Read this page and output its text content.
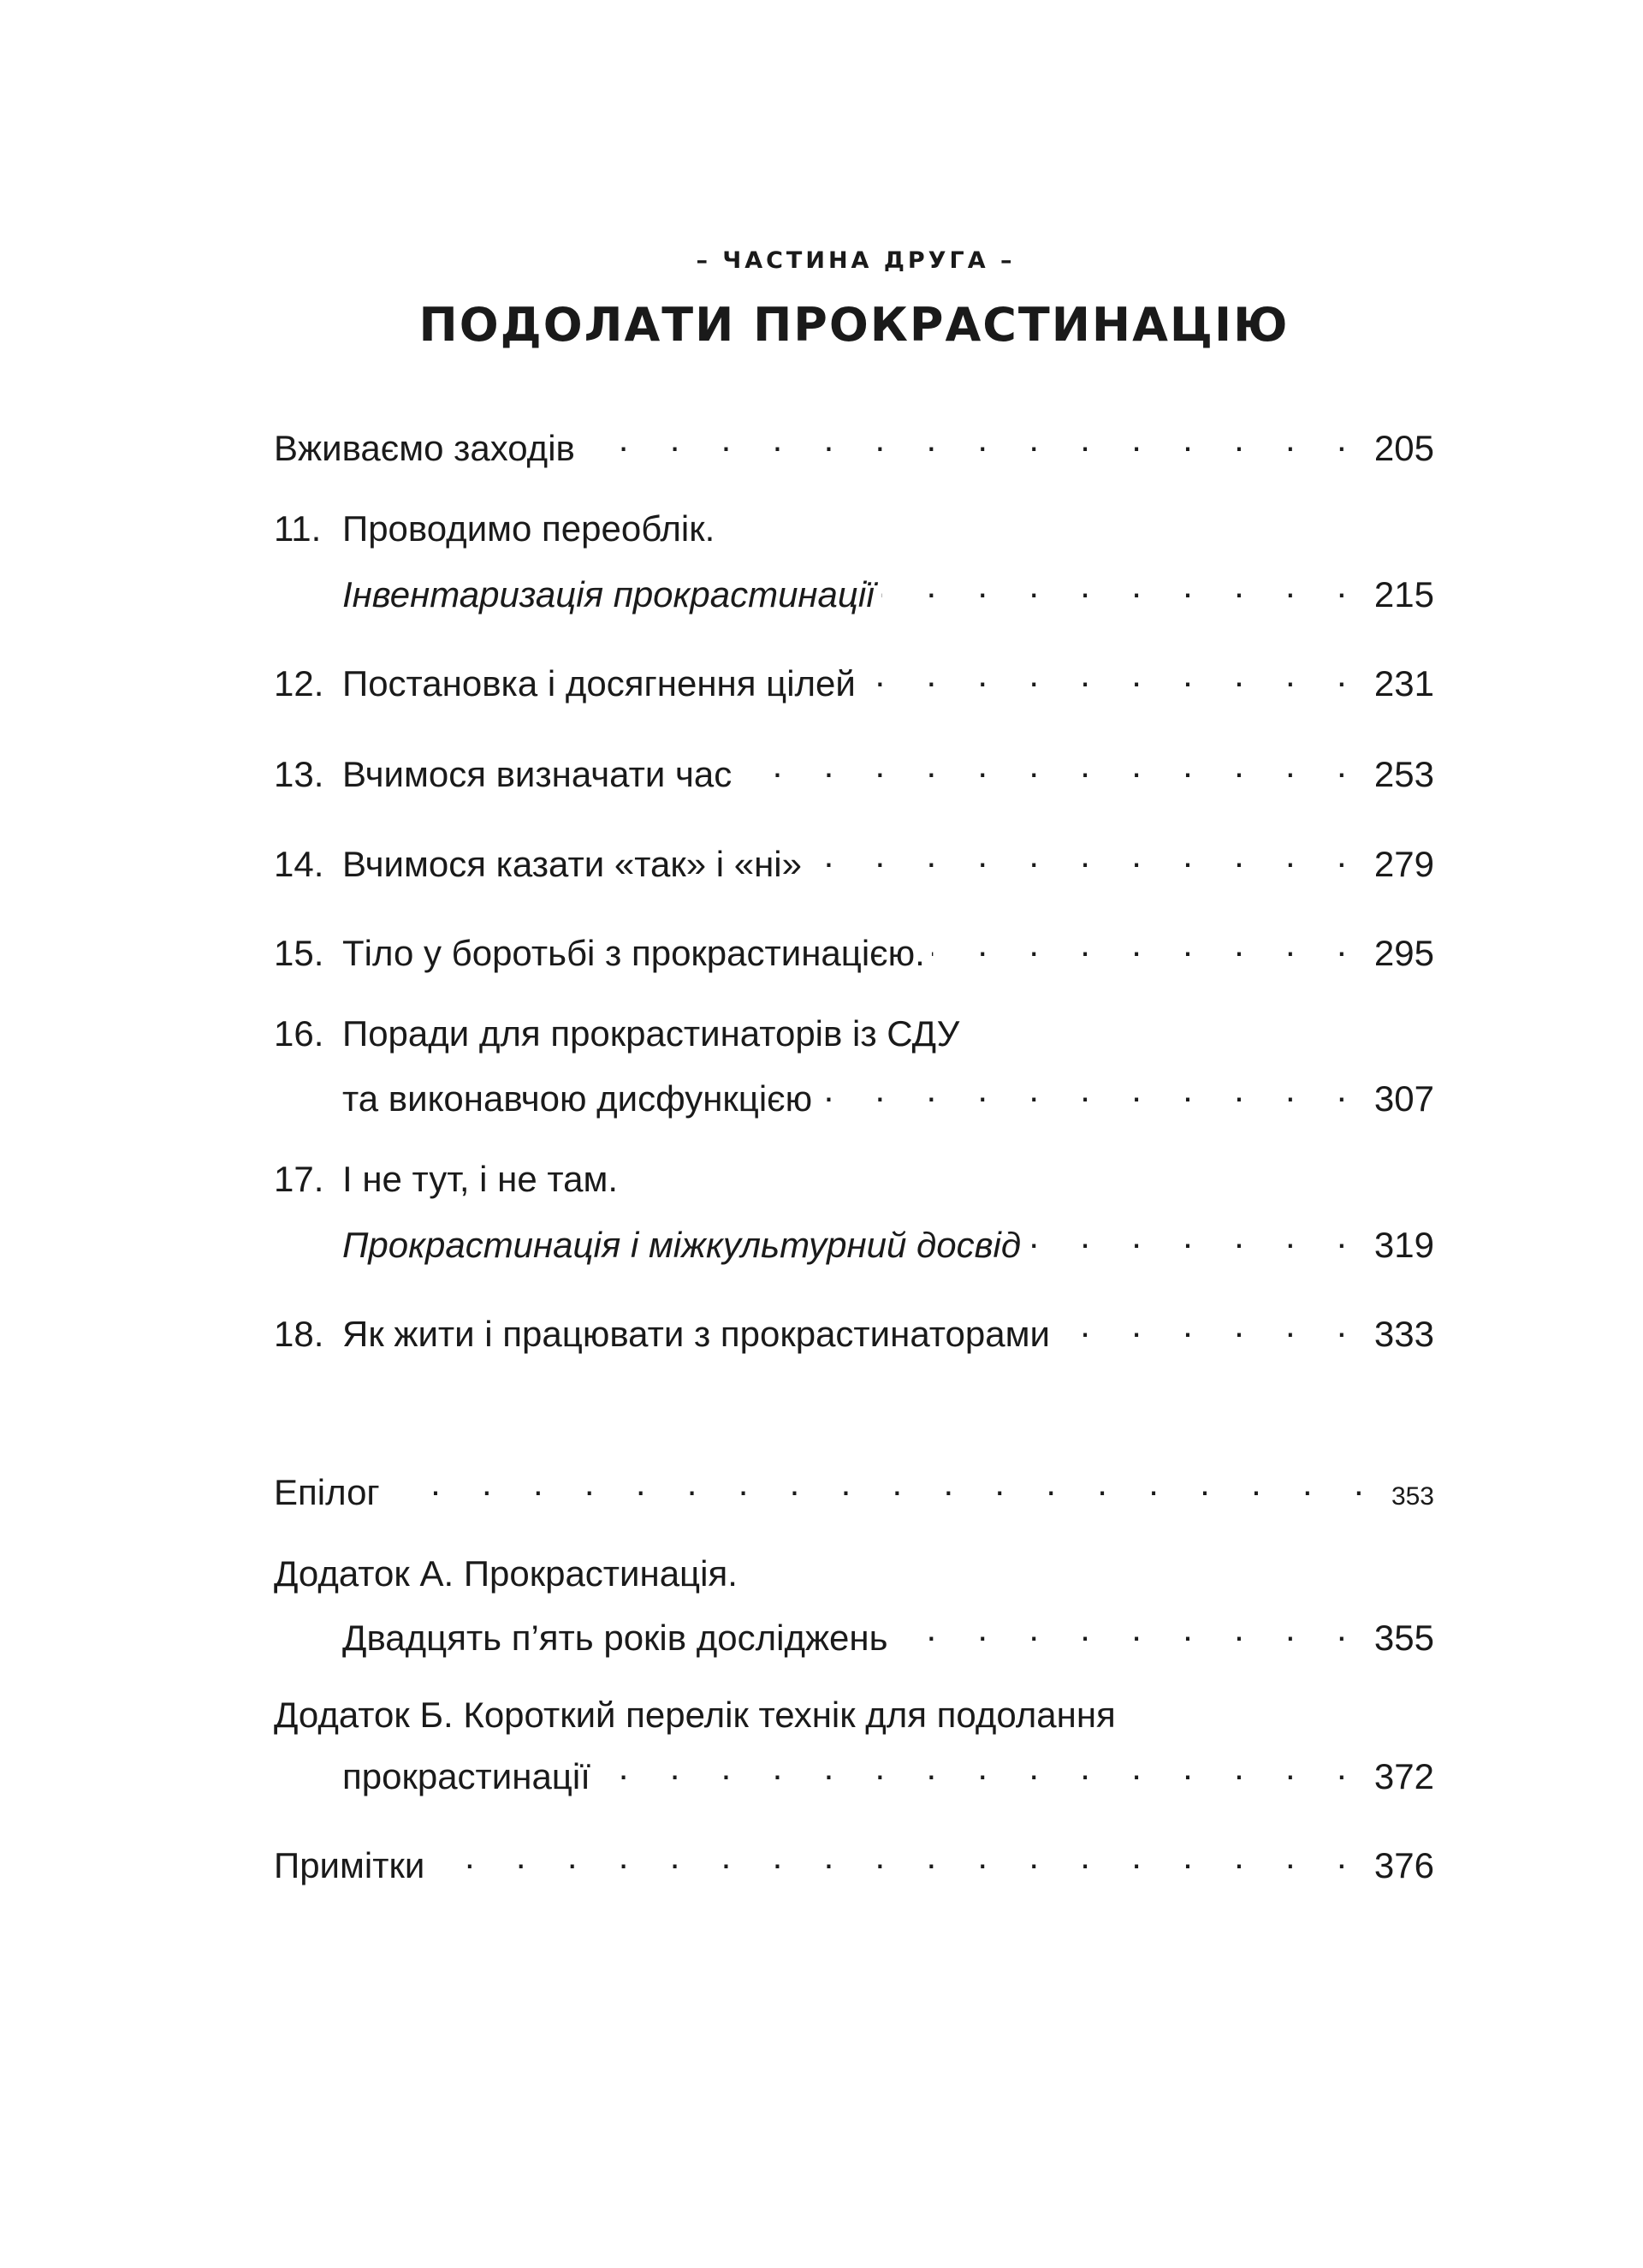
– ЧАСТИНА ДРУГА –
ПОДОЛАТИ ПРОКРАСТИНАЦІЮ
Вживаємо заходів . . .	205
11. Проводимо переоблік.
Інвентаризація прокрастинації . . .	215
12. Постановка і досягнення цілей . . .	231
13. Вчимося визначати час . . .	253
14. Вчимося казати «так» і «ні» . . .	279
15. Тіло у боротьбі з прокрастинацією. . . .	295
16. Поради для прокрастинаторів із СДУ
та виконавчою дисфункцією . . .	307
17. І не тут, і не там.
Прокрастинація і міжкультурний досвід . . .	319
18. Як жити і працювати з прокрастинаторами . . .	333
Епілог . . .	353
Додаток А. Прокрастинація.
Двадцять п’ять років досліджень . . .	355
Додаток Б. Короткий перелік технік для подолання
прокрастинації . . .	372
Примітки . . .	376
